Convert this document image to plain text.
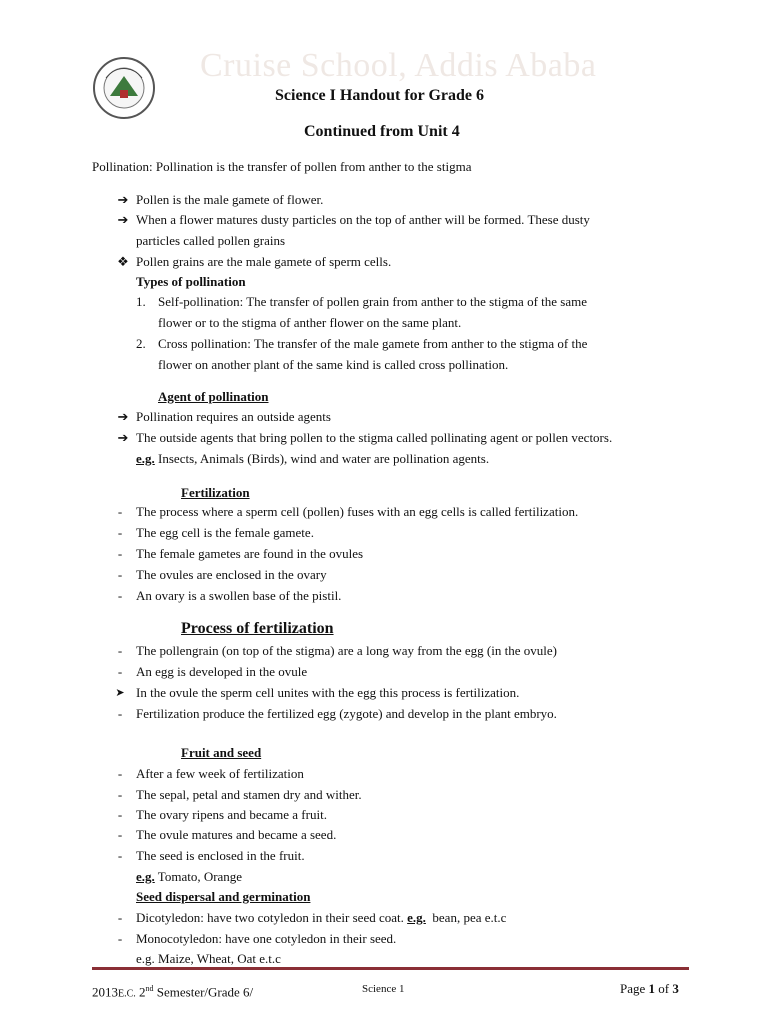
Cruise School, Addis Ababa
Science I Handout for Grade 6
Continued from Unit 4
Pollination: Pollination is the transfer of pollen from anther to the stigma
➔ Pollen is the male gamete of flower.
➔ When a flower matures dusty particles on the top of anther will be formed. These dusty
particles called pollen grains
❖ Pollen grains are the male gamete of sperm cells.
Types of pollination
1. Self-pollination: The transfer of pollen grain from anther to the stigma of the same
flower or to the stigma of anther flower on the same plant.
2. Cross pollination: The transfer of the male gamete from anther to the stigma of the
flower on another plant of the same kind is called cross pollination.
Agent of pollination
➔ Pollination requires an outside agents
➔ The outside agents that bring pollen to the stigma called pollinating agent or pollen vectors.
e.g. Insects, Animals (Birds), wind and water are pollination agents.
Fertilization
-	The process where a sperm cell (pollen) fuses with an egg cells is called fertilization.
-	The egg cell is the female gamete.
-	The female gametes are found in the ovules
-	The ovules are enclosed in the ovary
-	An ovary is a swollen base of the pistil.
Process of fertilization
-	The pollengrain (on top of the stigma) are a long way from the egg (in the ovule)
-	An egg is developed in the ovule
➤ In the ovule the sperm cell unites with the egg this process is fertilization.
-	Fertilization produce the fertilized egg (zygote) and develop in the plant embryo.
Fruit and seed
-	After a few week of fertilization
-	The sepal, petal and stamen dry and wither.
-	The ovary ripens and became a fruit.
-	The ovule matures and became a seed.
-	The seed is enclosed in the fruit.
e.g. Tomato, Orange
Seed dispersal and germination
-	Dicotyledon: have two cotyledon in their seed coat. e.g.  bean, pea e.t.c
-	Monocotyledon: have one cotyledon in their seed.
e.g. Maize, Wheat, Oat e.t.c
2013E.C. 2nd Semester/Grade 6/	Science 1	Page 1 of 3
